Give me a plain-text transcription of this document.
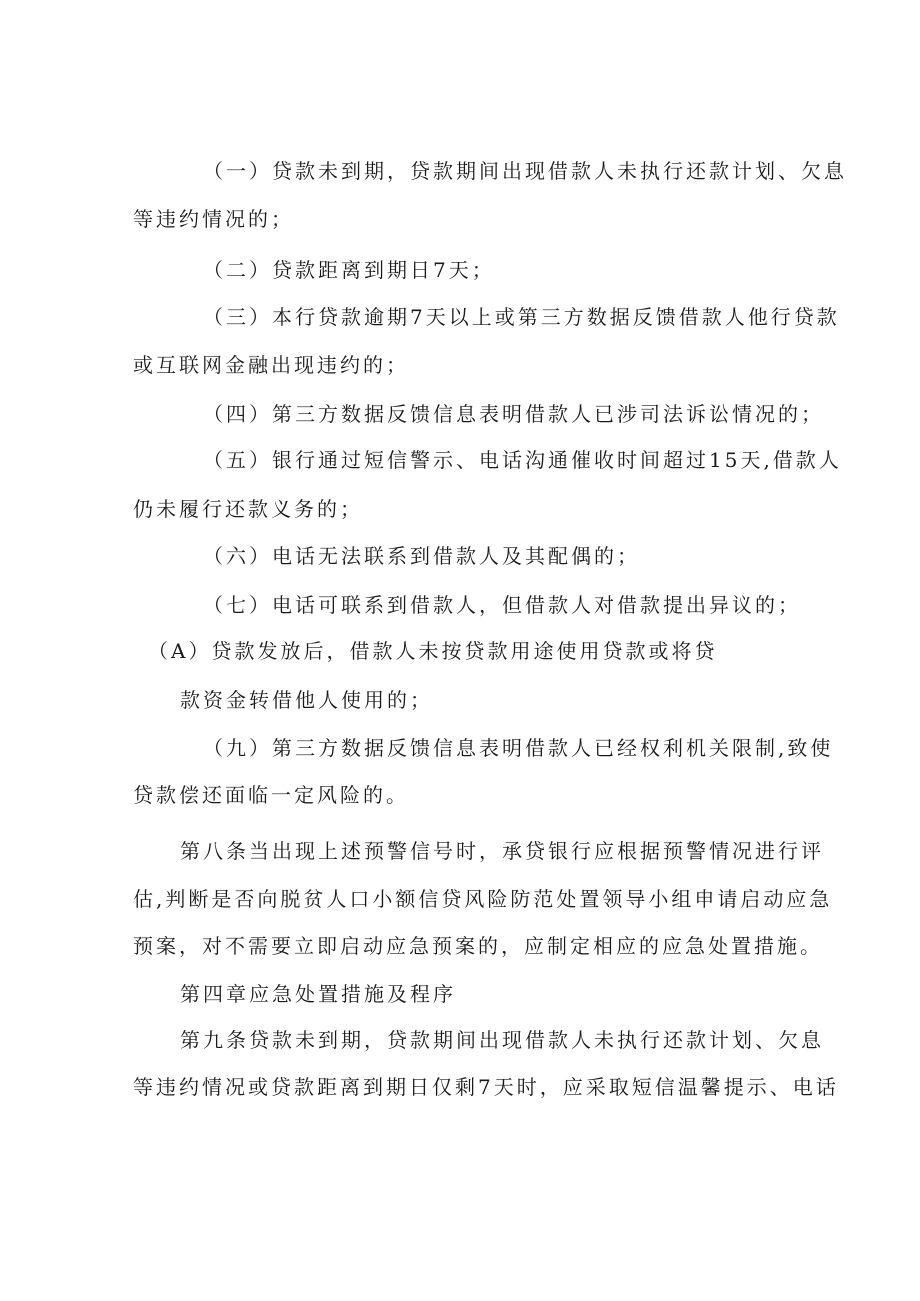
（一）贷款未到期，贷款期间出现借款人未执行还款计划、欠息
等违约情况的；
（二）贷款距离到期日7天；
（三）本行贷款逾期7天以上或第三方数据反馈借款人他行贷款
或互联网金融出现违约的；
（四）第三方数据反馈信息表明借款人已涉司法诉讼情况的；
（五）银行通过短信警示、电话沟通催收时间超过15天,借款人
仍未履行还款义务的；
（六）电话无法联系到借款人及其配偶的；
（七）电话可联系到借款人，但借款人对借款提出异议的；
（A）贷款发放后，借款人未按贷款用途使用贷款或将贷
款资金转借他人使用的；
（九）第三方数据反馈信息表明借款人已经权利机关限制,致使
贷款偿还面临一定风险的。
第八条当出现上述预警信号时，承贷银行应根据预警情况进行评
估,判断是否向脱贫人口小额信贷风险防范处置领导小组申请启动应急
预案，对不需要立即启动应急预案的，应制定相应的应急处置措施。
第四章应急处置措施及程序
第九条贷款未到期，贷款期间出现借款人未执行还款计划、欠息
等违约情况或贷款距离到期日仅剩7天时，应采取短信温馨提示、电话
